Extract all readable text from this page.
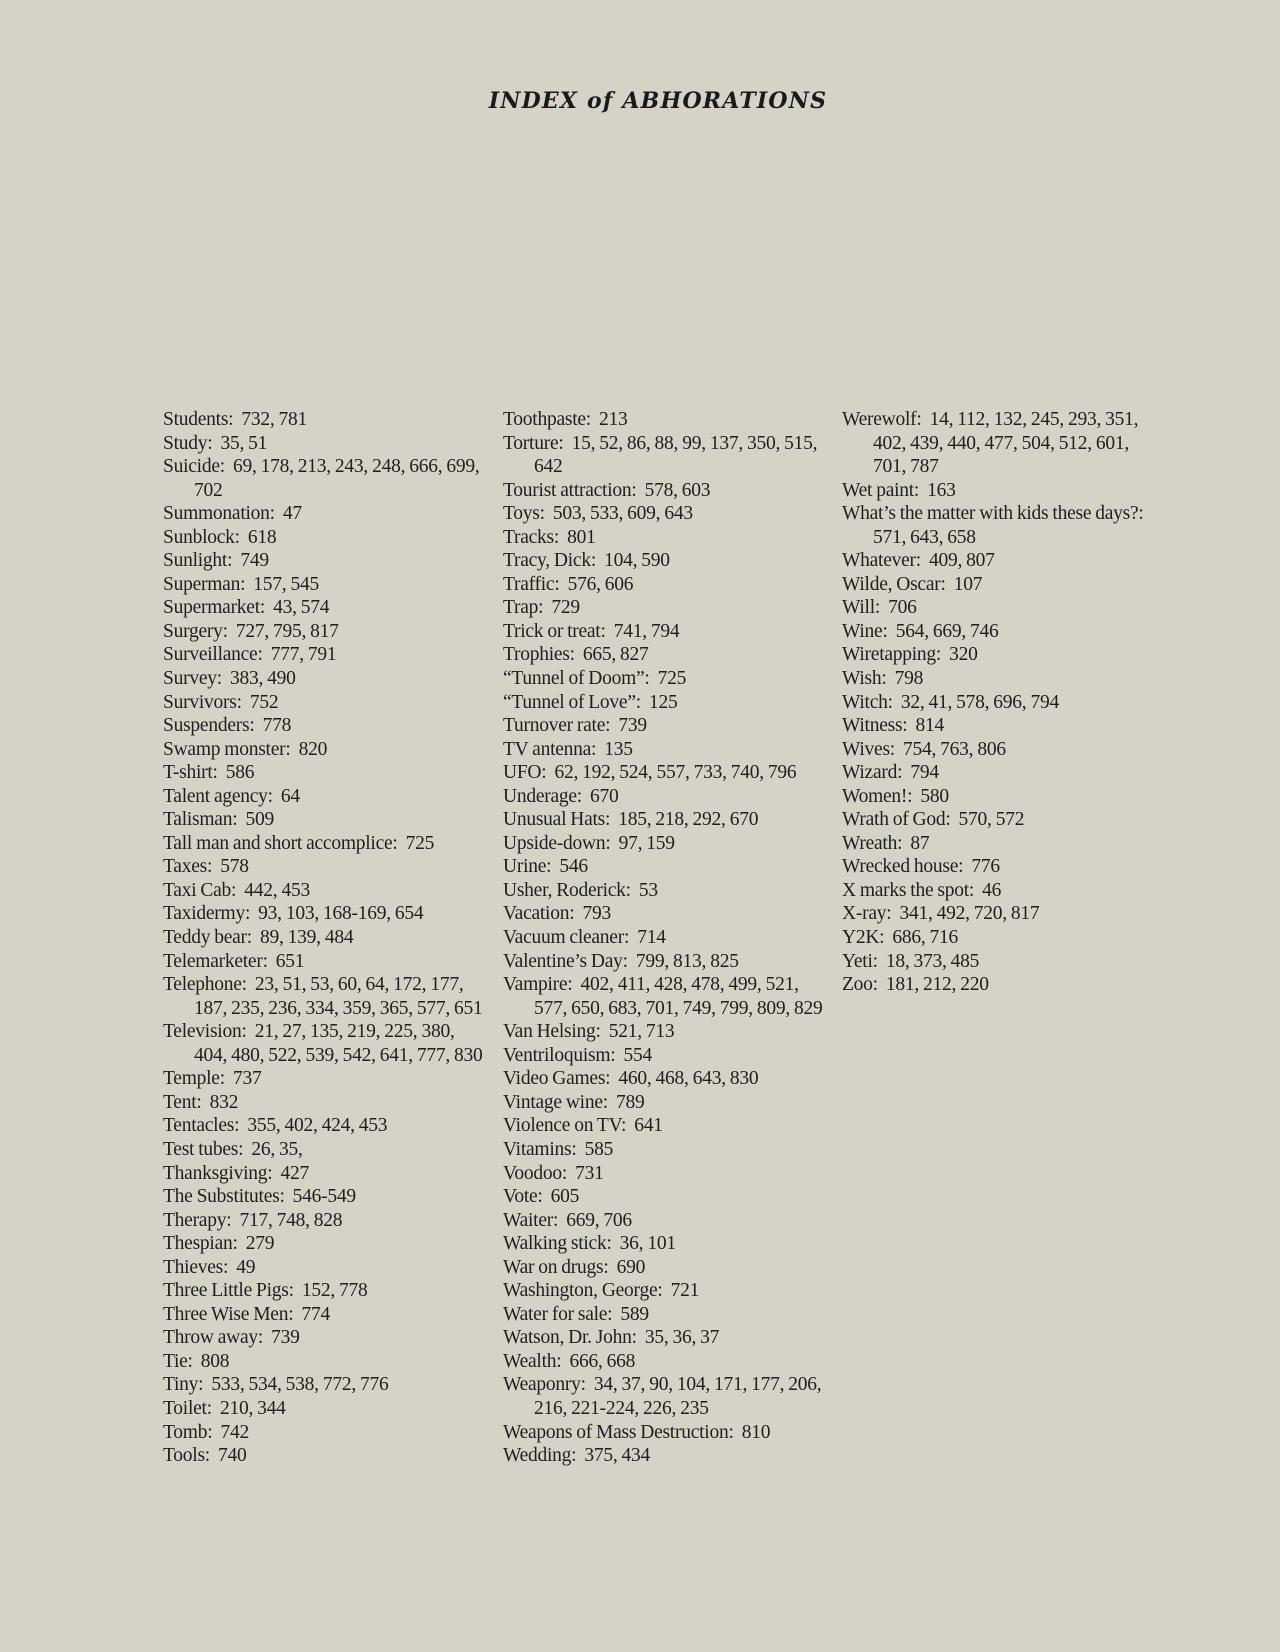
INDEX of ABHORATIONS
Students: 732, 781
Study: 35, 51
Suicide: 69, 178, 213, 243, 248, 666, 699, 702
Summonation: 47
Sunblock: 618
Sunlight: 749
Superman: 157, 545
Supermarket: 43, 574
Surgery: 727, 795, 817
Surveillance: 777, 791
Survey: 383, 490
Survivors: 752
Suspenders: 778
Swamp monster: 820
T-shirt: 586
Talent agency: 64
Talisman: 509
Tall man and short accomplice: 725
Taxes: 578
Taxi Cab: 442, 453
Taxidermy: 93, 103, 168-169, 654
Teddy bear: 89, 139, 484
Telemarketer: 651
Telephone: 23, 51, 53, 60, 64, 172, 177, 187, 235, 236, 334, 359, 365, 577, 651
Television: 21, 27, 135, 219, 225, 380, 404, 480, 522, 539, 542, 641, 777, 830
Temple: 737
Tent: 832
Tentacles: 355, 402, 424, 453
Test tubes: 26, 35,
Thanksgiving: 427
The Substitutes: 546-549
Therapy: 717, 748, 828
Thespian: 279
Thieves: 49
Three Little Pigs: 152, 778
Three Wise Men: 774
Throw away: 739
Tie: 808
Tiny: 533, 534, 538, 772, 776
Toilet: 210, 344
Tomb: 742
Tools: 740
Toothpaste: 213
Torture: 15, 52, 86, 88, 99, 137, 350, 515, 642
Tourist attraction: 578, 603
Toys: 503, 533, 609, 643
Tracks: 801
Tracy, Dick: 104, 590
Traffic: 576, 606
Trap: 729
Trick or treat: 741, 794
Trophies: 665, 827
“Tunnel of Doom”: 725
“Tunnel of Love”: 125
Turnover rate: 739
TV antenna: 135
UFO: 62, 192, 524, 557, 733, 740, 796
Underage: 670
Unusual Hats: 185, 218, 292, 670
Upside-down: 97, 159
Urine: 546
Usher, Roderick: 53
Vacation: 793
Vacuum cleaner: 714
Valentine’s Day: 799, 813, 825
Vampire: 402, 411, 428, 478, 499, 521, 577, 650, 683, 701, 749, 799, 809, 829
Van Helsing: 521, 713
Ventriloquism: 554
Video Games: 460, 468, 643, 830
Vintage wine: 789
Violence on TV: 641
Vitamins: 585
Voodoo: 731
Vote: 605
Waiter: 669, 706
Walking stick: 36, 101
War on drugs: 690
Washington, George: 721
Water for sale: 589
Watson, Dr. John: 35, 36, 37
Wealth: 666, 668
Weaponry: 34, 37, 90, 104, 171, 177, 206, 216, 221-224, 226, 235
Weapons of Mass Destruction: 810
Wedding: 375, 434
Werewolf: 14, 112, 132, 245, 293, 351, 402, 439, 440, 477, 504, 512, 601, 701, 787
Wet paint: 163
What’s the matter with kids these days?:  571, 643, 658
Whatever: 409, 807
Wilde, Oscar: 107
Will: 706
Wine: 564, 669, 746
Wiretapping: 320
Wish: 798
Witch: 32, 41, 578, 696, 794
Witness: 814
Wives: 754, 763, 806
Wizard: 794
Women!: 580
Wrath of God: 570, 572
Wreath: 87
Wrecked house: 776
X marks the spot: 46
X-ray: 341, 492, 720, 817
Y2K: 686, 716
Yeti: 18, 373, 485
Zoo: 181, 212, 220
